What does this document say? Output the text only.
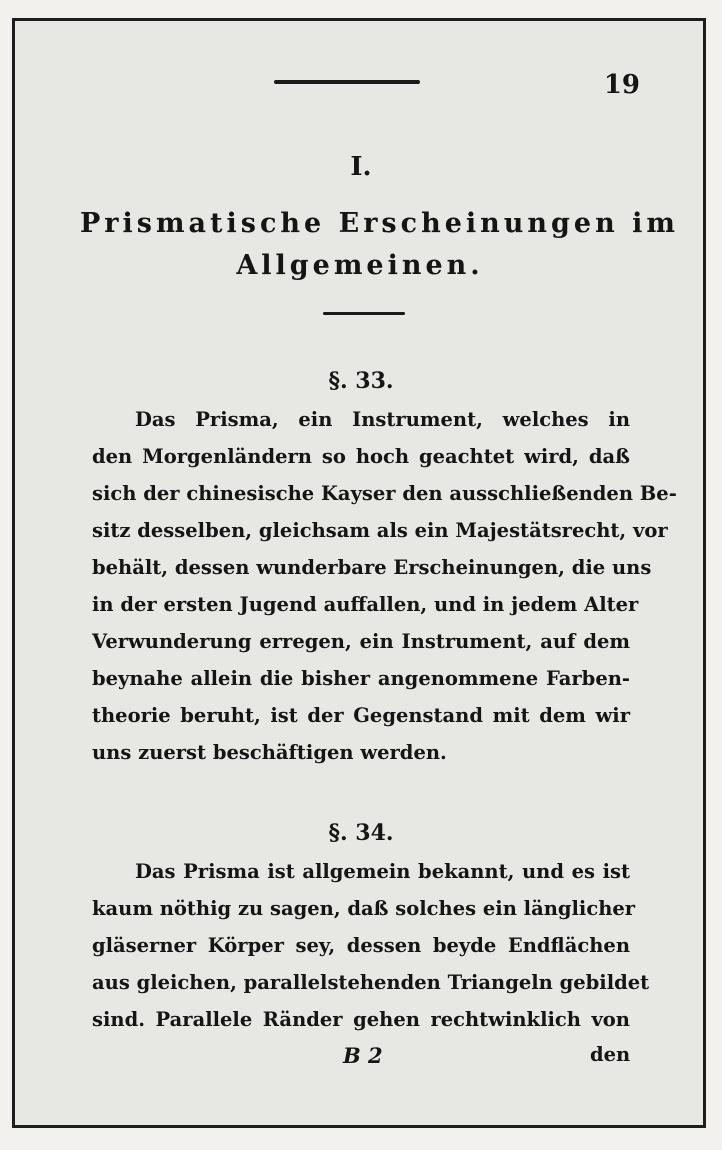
19
I.
Prismatische Erscheinungen im
Allgemeinen.
§. 33.
Das Prisma, ein Instrument, welches in
den Morgenländern so hoch geachtet wird, daß
sich der chinesische Kayser den ausschließenden Be-
sitz desselben, gleichsam als ein Majestätsrecht, vor
behält, dessen wunderbare Erscheinungen, die uns
in der ersten Jugend auffallen, und in jedem Alter
Verwunderung erregen, ein Instrument, auf dem
beynahe allein die bisher angenommene Farben-
theorie beruht, ist der Gegenstand mit dem wir
uns zuerst beschäftigen werden.
§. 34.
Das Prisma ist allgemein bekannt, und es ist
kaum nöthig zu sagen, daß solches ein länglicher
gläserner Körper sey, dessen beyde Endflächen
aus gleichen, parallelstehenden Triangeln gebildet
sind. Parallele Ränder gehen rechtwinklich von
B 2	den
